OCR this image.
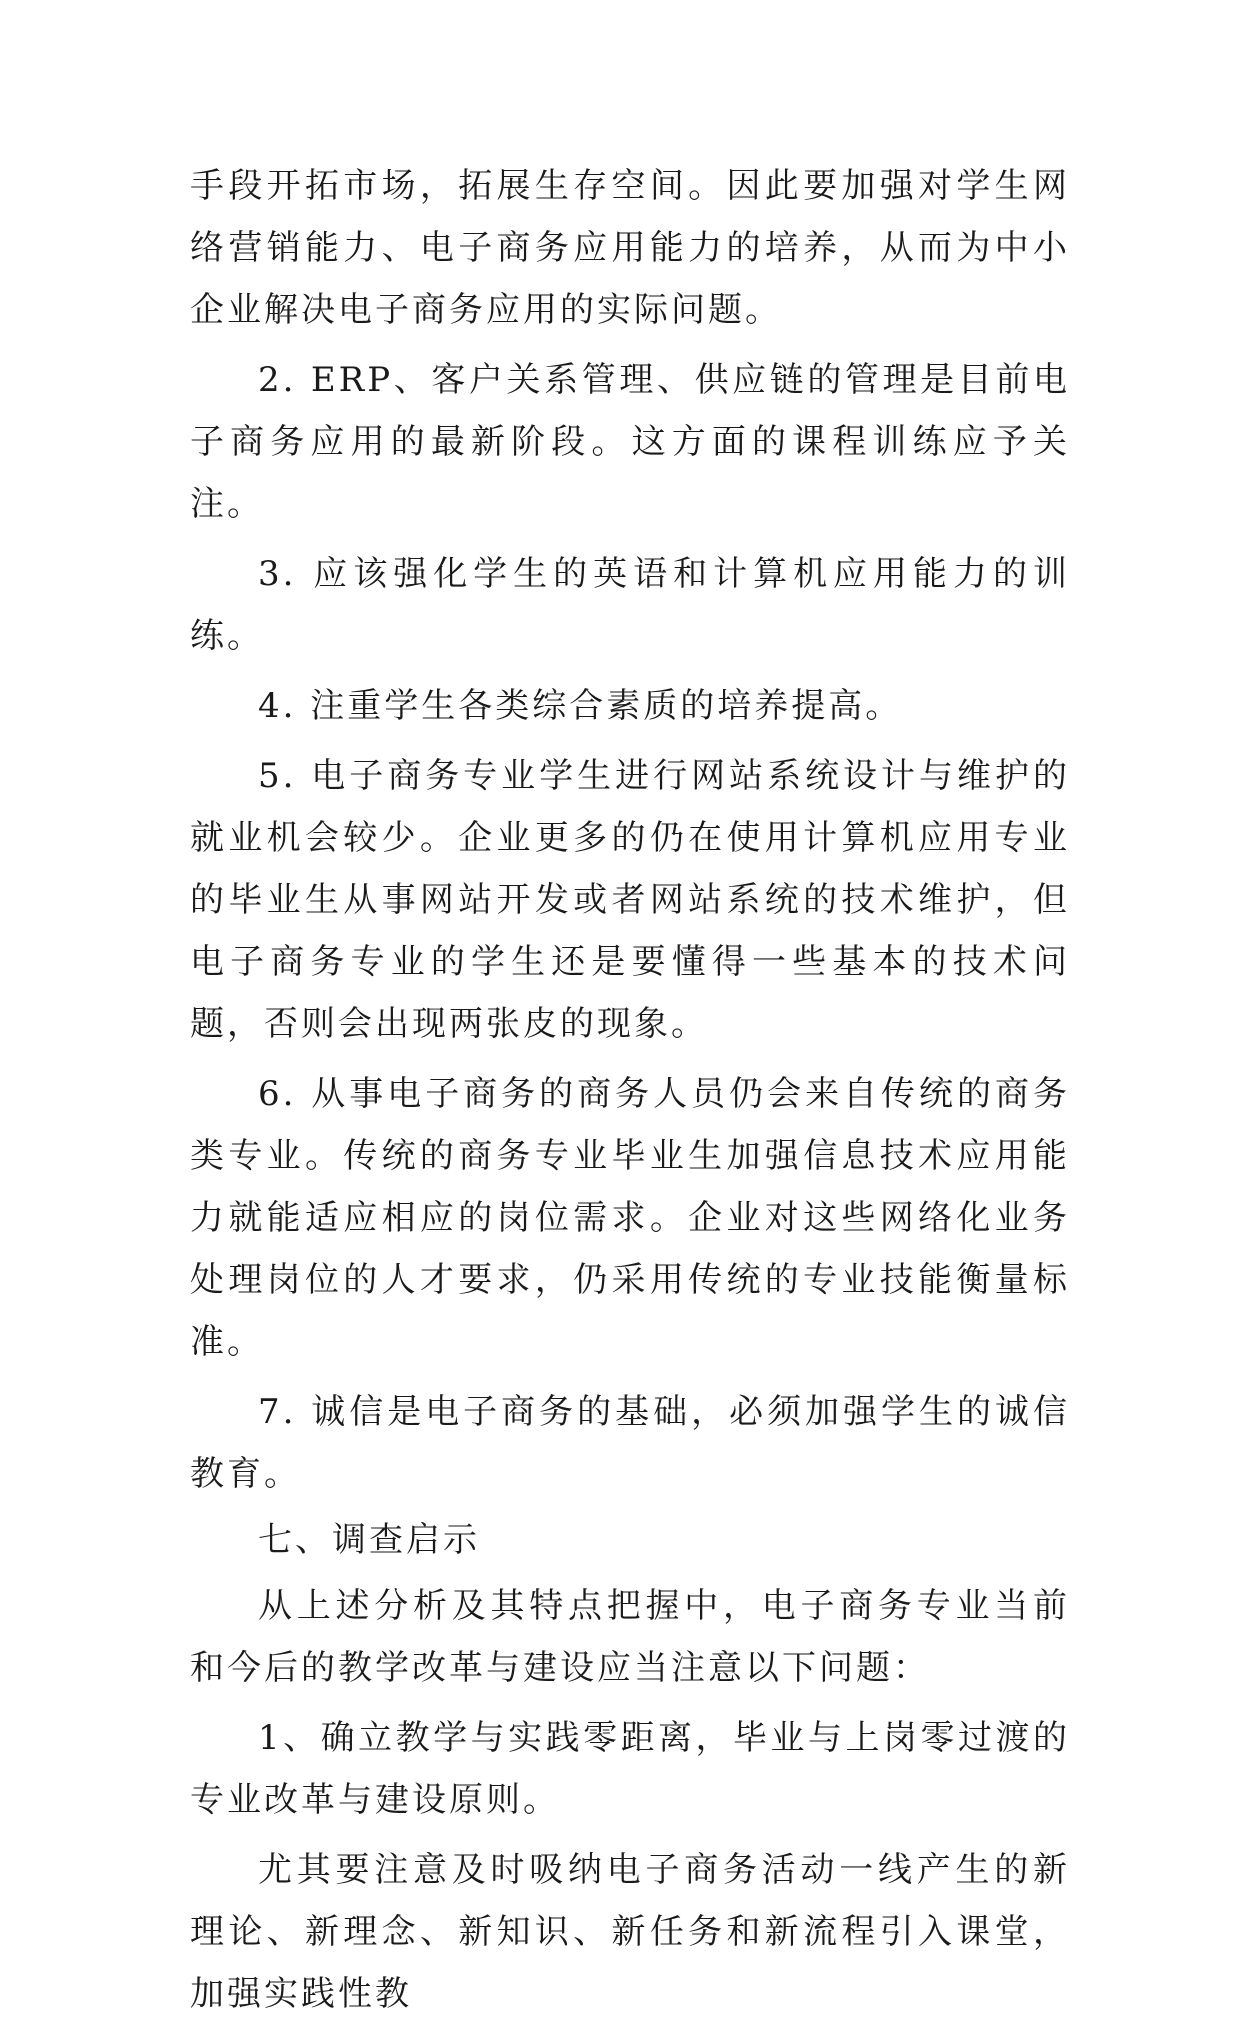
手段开拓市场，拓展生存空间。因此要加强对学生网络营销能力、电子商务应用能力的培养，从而为中小企业解决电子商务应用的实际问题。

2. ERP、客户关系管理、供应链的管理是目前电子商务应用的最新阶段。这方面的课程训练应予关注。

3. 应该强化学生的英语和计算机应用能力的训练。

4. 注重学生各类综合素质的培养提高。

5. 电子商务专业学生进行网站系统设计与维护的就业机会较少。企业更多的仍在使用计算机应用专业的毕业生从事网站开发或者网站系统的技术维护，但电子商务专业的学生还是要懂得一些基本的技术问题，否则会出现两张皮的现象。

6. 从事电子商务的商务人员仍会来自传统的商务类专业。传统的商务专业毕业生加强信息技术应用能力就能适应相应的岗位需求。企业对这些网络化业务处理岗位的人才要求，仍采用传统的专业技能衡量标准。

7. 诚信是电子商务的基础，必须加强学生的诚信教育。

七、调查启示

从上述分析及其特点把握中，电子商务专业当前和今后的教学改革与建设应当注意以下问题：

1、确立教学与实践零距离，毕业与上岗零过渡的专业改革与建设原则。

尤其要注意及时吸纳电子商务活动一线产生的新理论、新理念、新知识、新任务和新流程引入课堂，加强实践性教
